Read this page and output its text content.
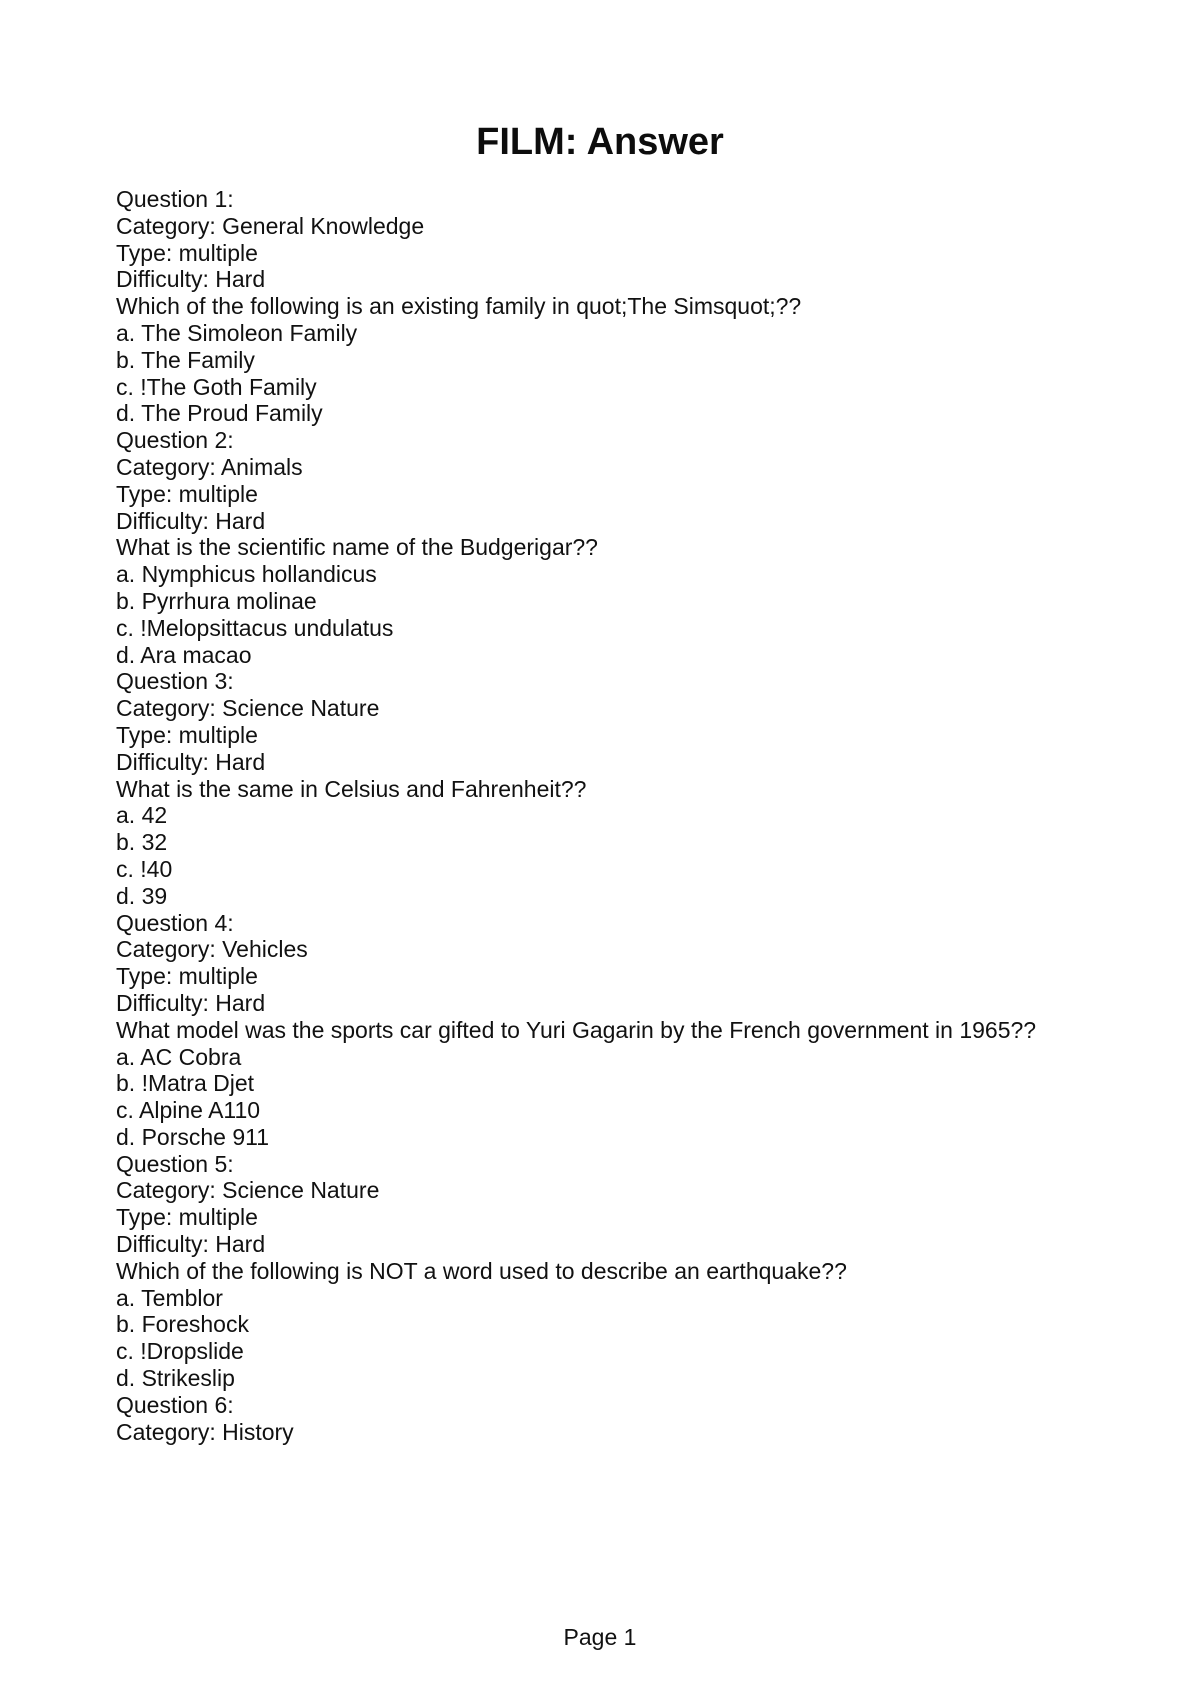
FILM: Answer
Question 1:
Category: General Knowledge
Type: multiple
Difficulty: Hard
Which of the following is an existing family in quot;The Simsquot;??
a. The Simoleon Family
b. The Family
c. !The Goth Family
d. The Proud Family
Question 2:
Category: Animals
Type: multiple
Difficulty: Hard
What is the scientific name of the Budgerigar??
a. Nymphicus hollandicus
b. Pyrrhura molinae
c. !Melopsittacus undulatus
d. Ara macao
Question 3:
Category: Science Nature
Type: multiple
Difficulty: Hard
What is the same in Celsius and Fahrenheit??
a. 42
b. 32
c. !40
d. 39
Question 4:
Category: Vehicles
Type: multiple
Difficulty: Hard
What model was the sports car gifted to Yuri Gagarin by the French government in 1965??
a. AC Cobra
b. !Matra Djet
c. Alpine A110
d. Porsche 911
Question 5:
Category: Science Nature
Type: multiple
Difficulty: Hard
Which of the following is NOT a word used to describe an earthquake??
a. Temblor
b. Foreshock
c. !Dropslide
d. Strikeslip
Question 6:
Category: History
Page 1
